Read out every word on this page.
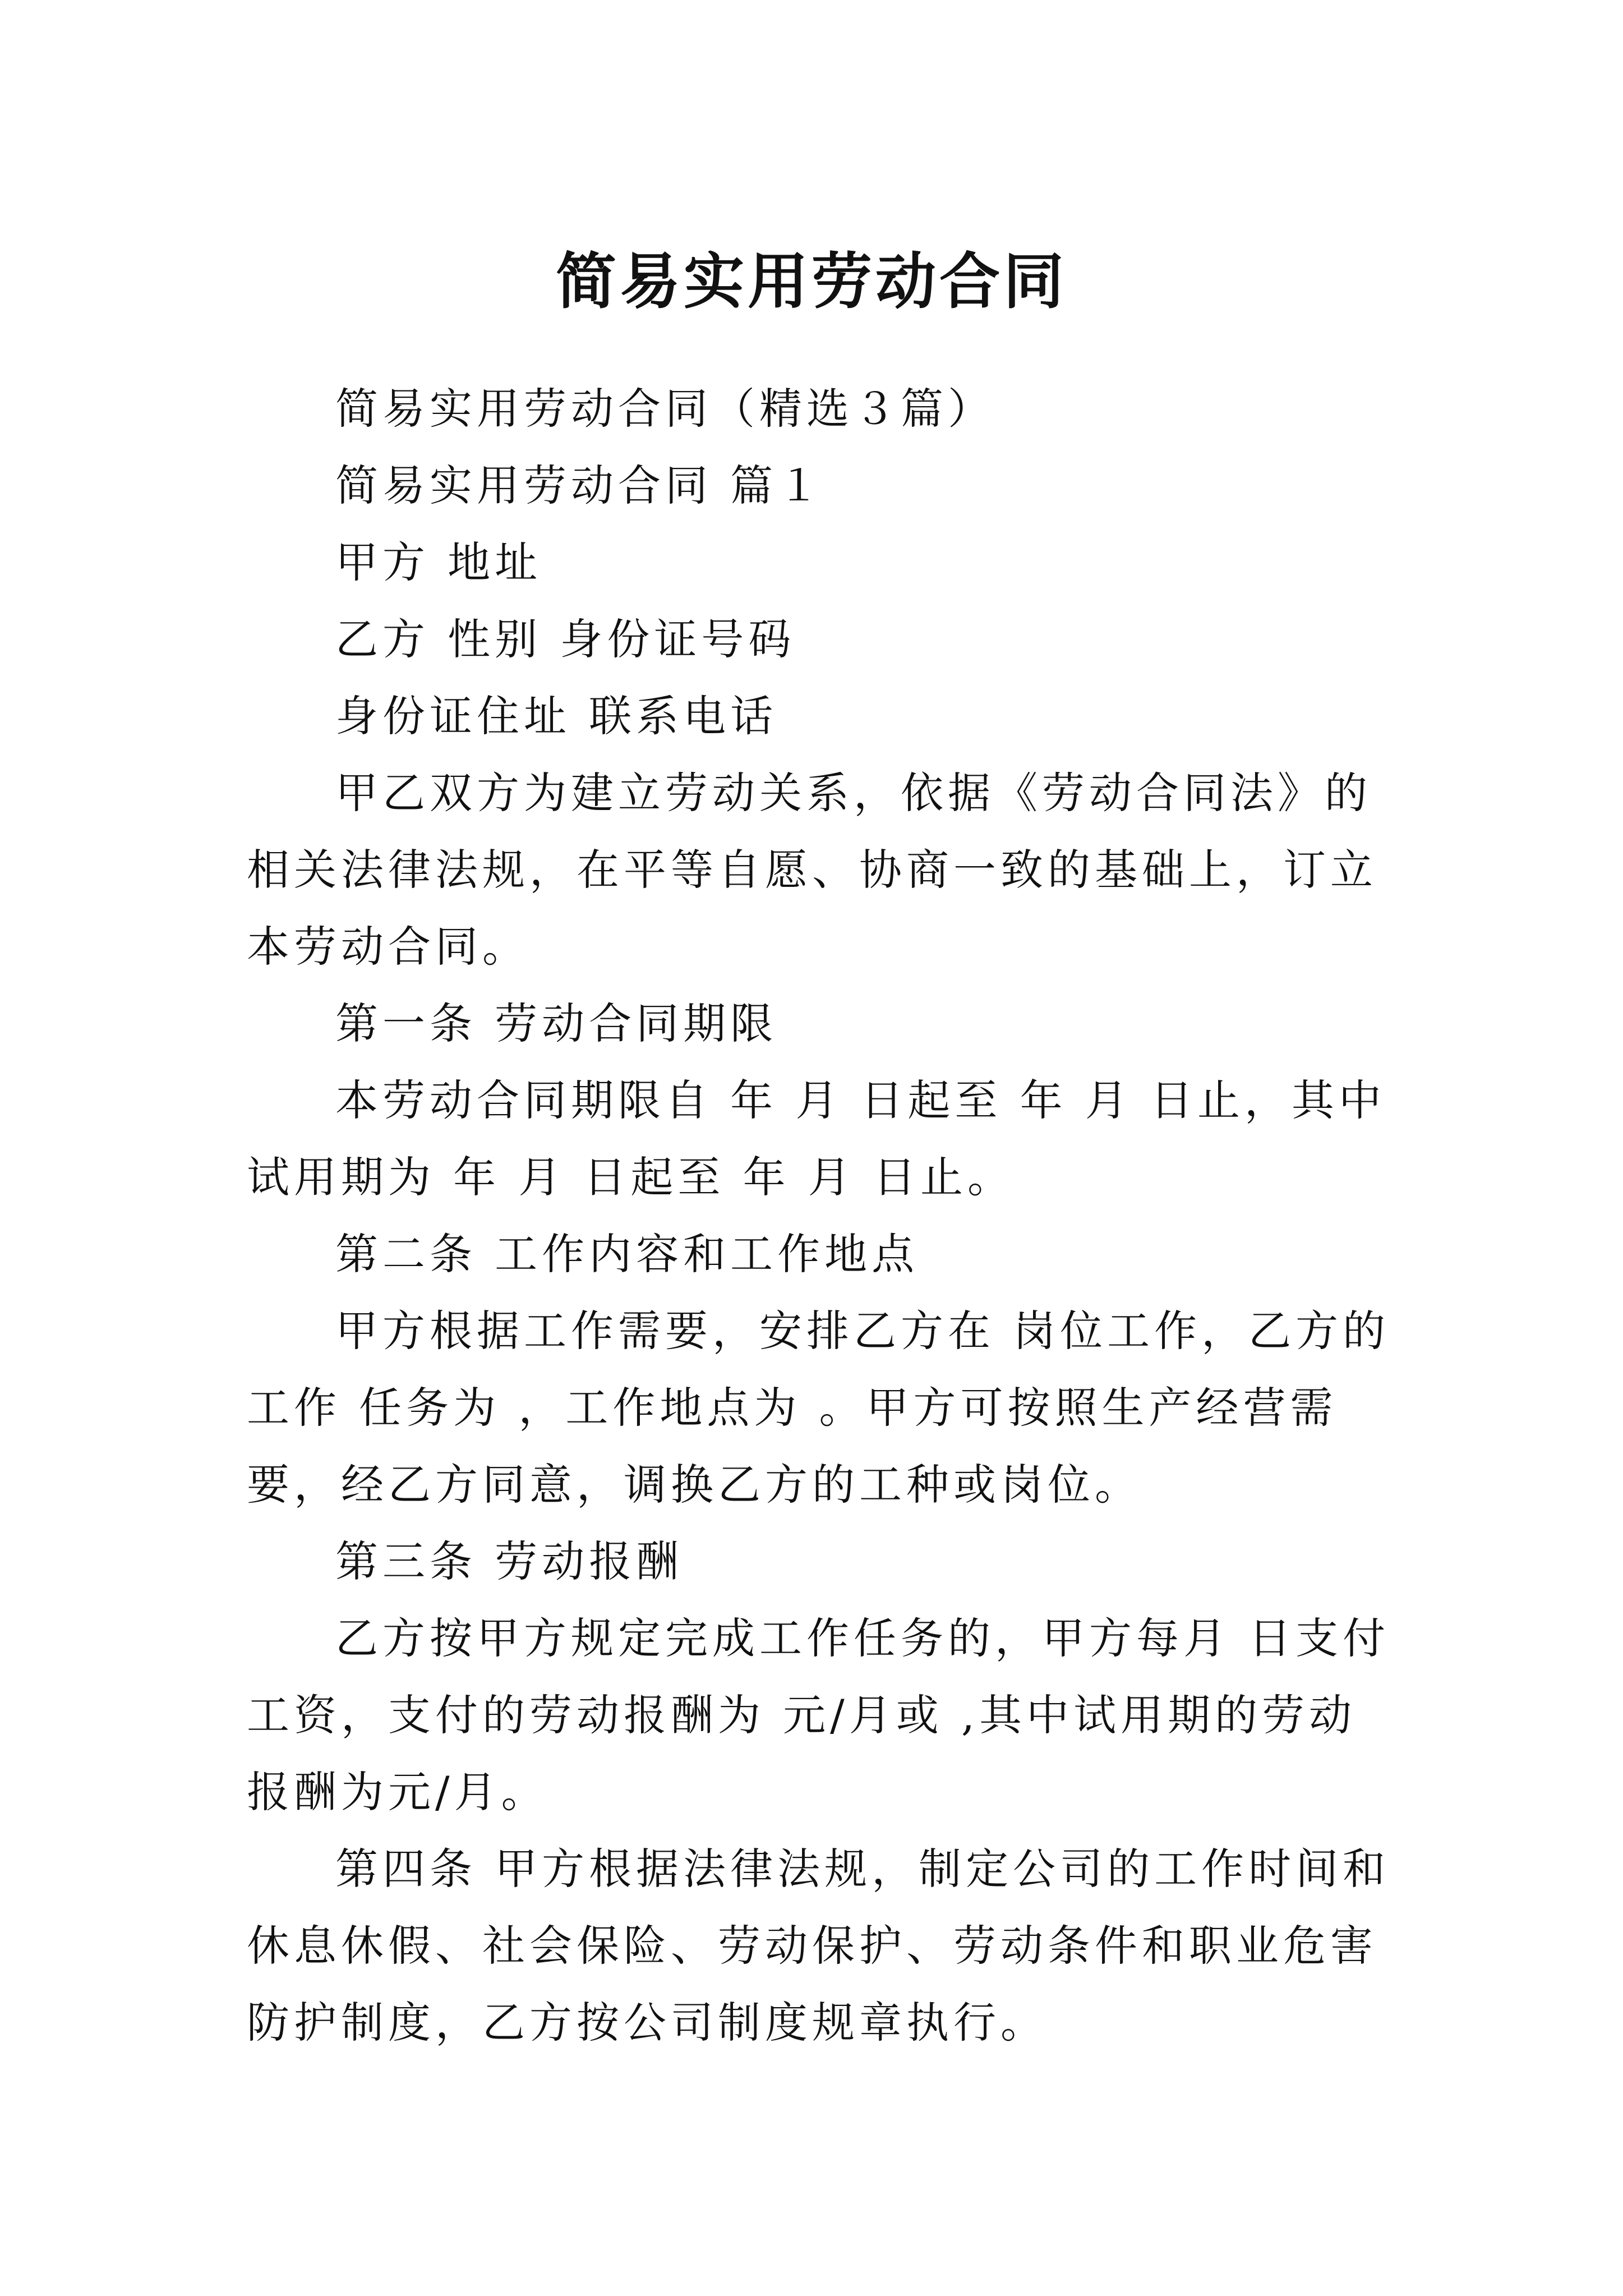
简易实用劳动合同

简易实用劳动合同（精选３篇）

简易实用劳动合同 篇１

甲方 地址

乙方 性别 身份证号码

身份证住址 联系电话

甲乙双方为建立劳动关系，依据《劳动合同法》的相关法律法规，在平等自愿、协商一致的基础上，订立本劳动合同。

第一条 劳动合同期限

本劳动合同期限自 年 月 日起至 年 月 日止，其中试用期为 年 月 日起至 年 月 日止。

第二条 工作内容和工作地点

甲方根据工作需要，安排乙方在 岗位工作，乙方的工作 任务为 ，工作地点为 。甲方可按照生产经营需要，经乙方同意，调换乙方的工种或岗位。

第三条 劳动报酬

乙方按甲方规定完成工作任务的，甲方每月 日支付工资，支付的劳动报酬为 元/月或 ,其中试用期的劳动报酬为元/月。

第四条 甲方根据法律法规，制定公司的工作时间和休息休假、社会保险、劳动保护、劳动条件和职业危害防护制度，乙方按公司制度规章执行。
